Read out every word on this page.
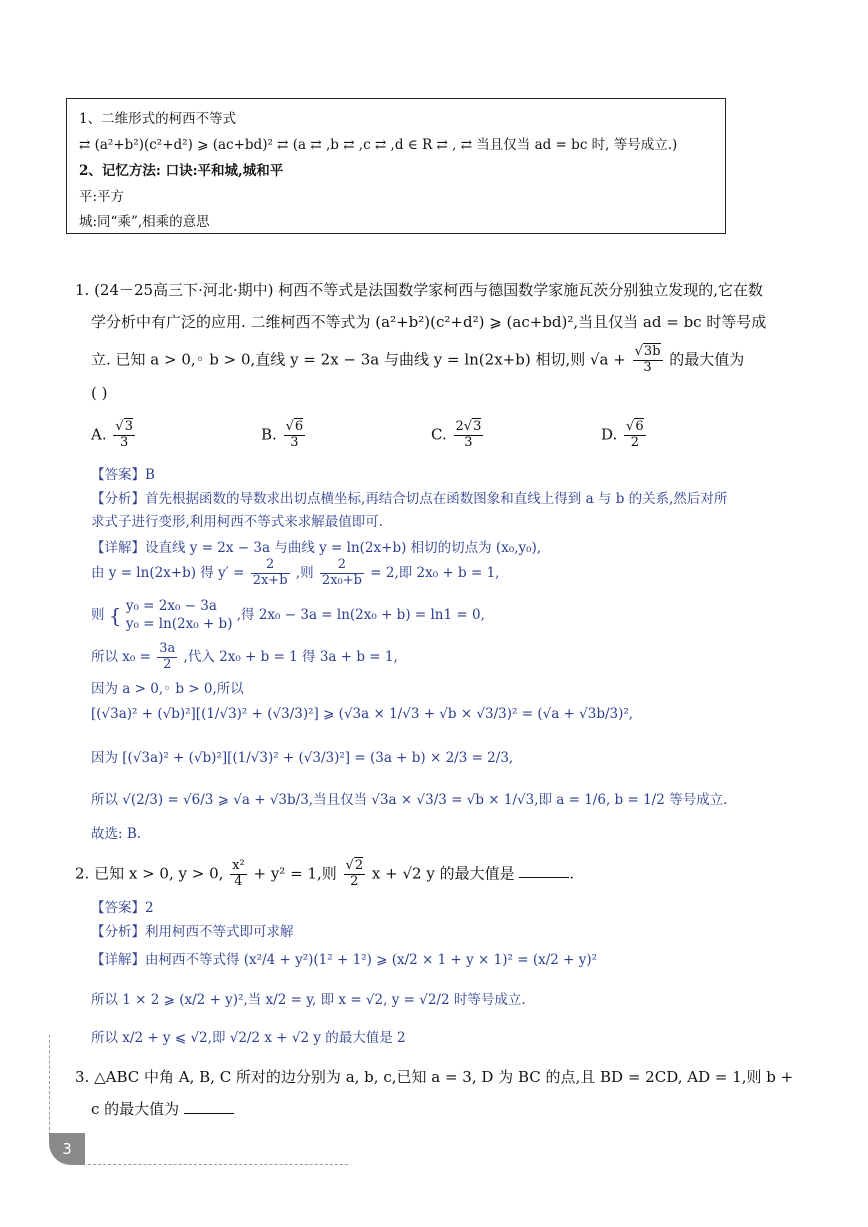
1、二维形式的柯西不等式
⇄ (a²+b²)(c²+d²) ⩾ (ac+bd)² ⇄ (a ⇄ ,b ⇄ ,c ⇄ ,d ∈ R ⇄ , ⇄ 当且仅当 ad = bc 时, 等号成立.)
2、记忆方法: 口诀:平和城,城和平
平:平方
城:同“乘”,相乘的意思
1. (24－25高三下·河北·期中) 柯西不等式是法国数学家柯西与德国数学家施瓦茨分别独立发现的,它在数
学分析中有广泛的应用. 二维柯西不等式为 (a²+b²)(c²+d²) ⩾ (ac+bd)²,当且仅当 ad = bc 时等号成
立. 已知 a > 0,◦ b > 0,直线 y = 2x − 3a 与曲线 y = ln(2x+b) 相切,则 $√a + \frac{√3b}{3}$ 的最大值为
( )
A. $\frac{√3}{3}$	B. $\frac{√6}{3}$	C. $\frac{2√3}{3}$	D. $\frac{√6}{2}$
【答案】B
【分析】首先根据函数的导数求出切点横坐标,再结合切点在函数图象和直线上得到 a 与 b 的关系,然后对所
求式子进行变形,利用柯西不等式来求解最值即可.
【详解】设直线 y = 2x − 3a 与曲线 y = ln(2x+b) 相切的切点为 (x₀,y₀),
由 y = ln(2x+b) 得 $y' = \frac{2}{2x+b}$ ,则 $\frac{2}{\text{2x₀+b}} = 2$,即 2x₀ + b = 1,
则 { y₀ = 2x₀ − 3a
y₀ = ln(2x₀ + b)
,得 2x₀ − 3a = ln(2x₀ + b) = ln1 = 0,
所以 $x_0 = \frac{3a}{2}$ ,代入 2x₀ + b = 1 得 3a + b = 1,
因为 a > 0,◦ b > 0,所以
[(√3a)² + (√b)²][(1/√3)² + (√3/3)²] ⩾ (√3a × 1/√3 + √b × √3/3)² = (√a + √3b/3)²,
因为 [(√3a)² + (√b)²][(1/√3)² + (√3/3)²] = (3a + b) × 2/3 = 2/3,
所以 √(2/3) = √6/3 ⩾ √a + √3b/3,当且仅当 √3a × √3/3 = √b × 1/√3,即 a = 1/6, b = 1/2 等号成立.
故选: B.
2. 已知 x > 0, y > 0, $\frac{\text{x²}}{4} + y^2 = 1$,则 $\frac{√2}{2}$ x + √2 y 的最大值是	.
【答案】2
【分析】利用柯西不等式即可求解
【详解】由柯西不等式得 (x²/4 + y²)(1² + 1²) ⩾ (x/2 × 1 + y × 1)² = (x/2 + y)²
所以 1 × 2 ⩾ (x/2 + y)²,当 x/2 = y, 即 x = √2, y = √2/2 时等号成立.
所以 x/2 + y ⩽ √2,即 √2/2 x + √2 y 的最大值是 2
3. △ABC 中角 A, B, C 所对的边分别为 a, b, c,已知 a = 3, D 为 BC 的点,且 BD = 2CD, AD = 1,则 b +
c 的最大值为
3
